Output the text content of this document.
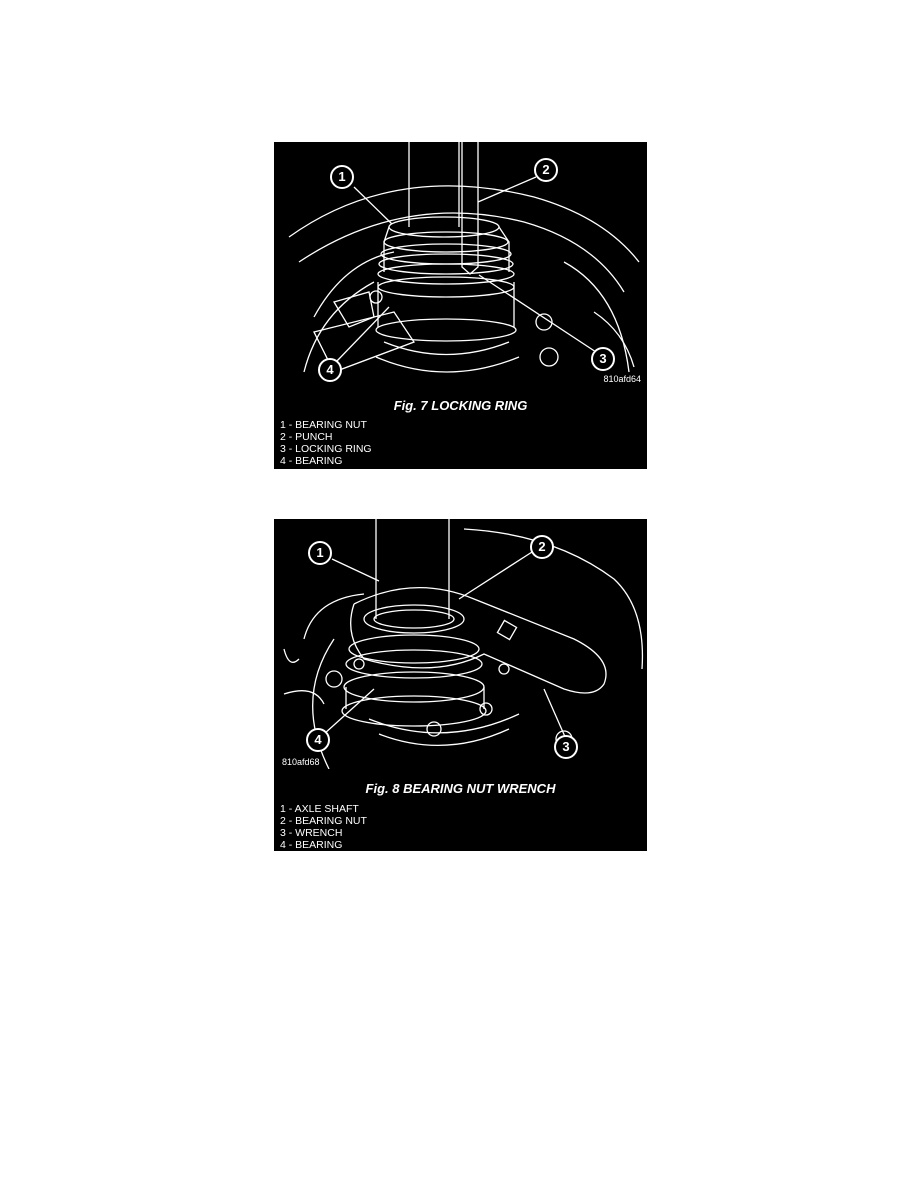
1	2
3
4
810afd64
Fig. 7 LOCKING RING
1 - BEARING NUT
2 - PUNCH
3 - LOCKING RING
4 - BEARING
1	2
3
4
810afd68
Fig. 8 BEARING NUT WRENCH
1 - AXLE SHAFT
2 - BEARING NUT
3 - WRENCH
4 - BEARING
